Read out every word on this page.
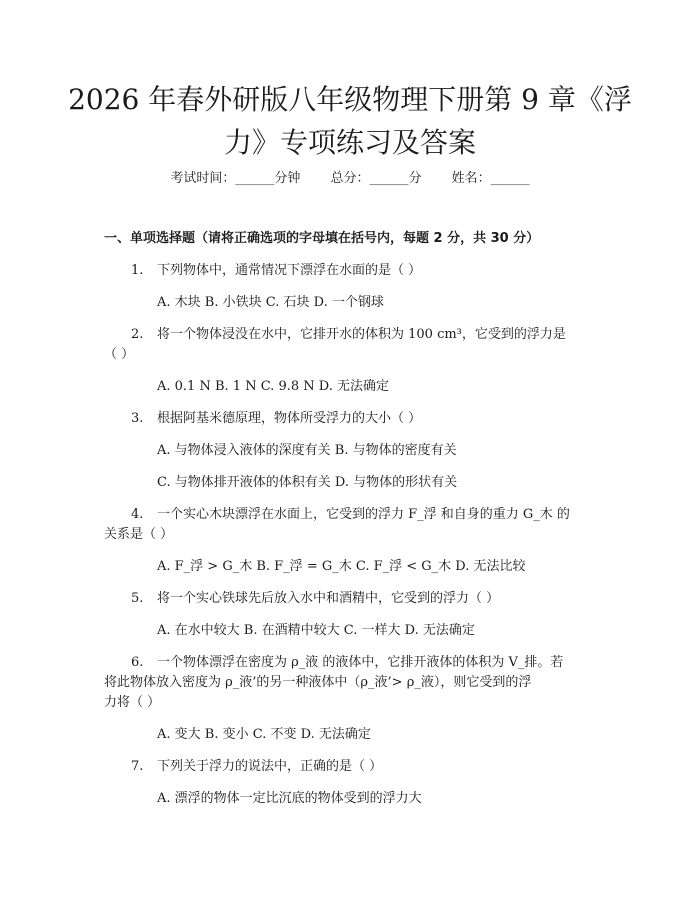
2026 年春外研版八年级物理下册第 9 章《浮
力》专项练习及答案
考试时间：______分钟 总分：______分 姓名：______
一、单项选择题（请将正确选项的字母填在括号内，每题 2 分，共 30 分）
1. 下列物体中，通常情况下漂浮在水面的是（ ）
A. 木块 B. 小铁块 C. 石块 D. 一个钢球
2. 将一个物体浸没在水中，它排开水的体积为 100 cm³，它受到的浮力是
（ ）
A. 0.1 N B. 1 N C. 9.8 N D. 无法确定
3. 根据阿基米德原理，物体所受浮力的大小（ ）
A. 与物体浸入液体的深度有关 B. 与物体的密度有关
C. 与物体排开液体的体积有关 D. 与物体的形状有关
4. 一个实心木块漂浮在水面上，它受到的浮力 F_浮 和自身的重力 G_木 的
关系是（ ）
A. F_浮 > G_木 B. F_浮 = G_木 C. F_浮 < G_木 D. 无法比较
5. 将一个实心铁球先后放入水中和酒精中，它受到的浮力（ ）
A. 在水中较大 B. 在酒精中较大 C. 一样大 D. 无法确定
6. 一个物体漂浮在密度为 ρ_液 的液体中，它排开液体的体积为 V_排。若
将此物体放入密度为 ρ_液’的另一种液体中（ρ_液’> ρ_液），则它受到的浮
力将（ ）
A. 变大 B. 变小 C. 不变 D. 无法确定
7. 下列关于浮力的说法中，正确的是（ ）
A. 漂浮的物体一定比沉底的物体受到的浮力大
